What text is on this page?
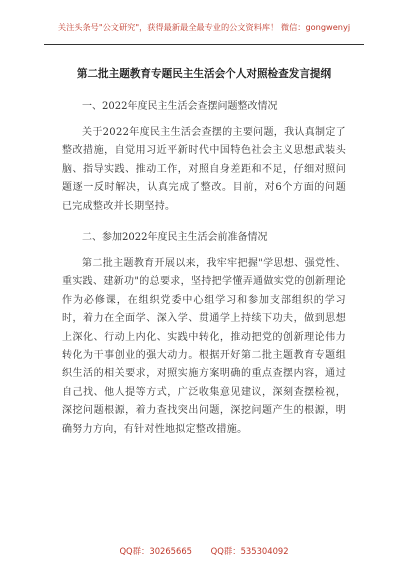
关注头条号"公文研究"，获得最新最全最专业的公文资料库！ 微信：gongwenyj
第二批主题教育专题民主生活会个人对照检查发言提纲
一、2022年度民主生活会查摆问题整改情况
关于2022年度民主生活会查摆的主要问题，我认真制定了整改措施，自觉用习近平新时代中国特色社会主义思想武装头脑、指导实践、推动工作，对照自身差距和不足，仔细对照问题逐一反时解决，认真完成了整改。目前，对6个方面的问题已完成整改并长期坚持。
二、参加2022年度民主生活会前准备情况
第二批主题教育开展以来，我牢牢把握"学思想、强党性、重实践、建新功"的总要求，坚持把学懂弄通做实党的创新理论作为必修课，在组织党委中心组学习和参加支部组织的学习时，着力在全面学、深入学、贯通学上持续下功夫，做到思想上深化、行动上内化、实践中转化，推动把党的创新理论伟力转化为干事创业的强大动力。根据开好第二批主题教育专题组织生活的相关要求，对照实施方案明确的重点查摆内容，通过自己找、他人提等方式，广泛收集意见建议，深刻查摆检视，深挖问题根源，着力查找突出问题，深挖问题产生的根源，明确努力方向，有针对性地拟定整改措施。
QQ群：30265665 QQ群：535304092
